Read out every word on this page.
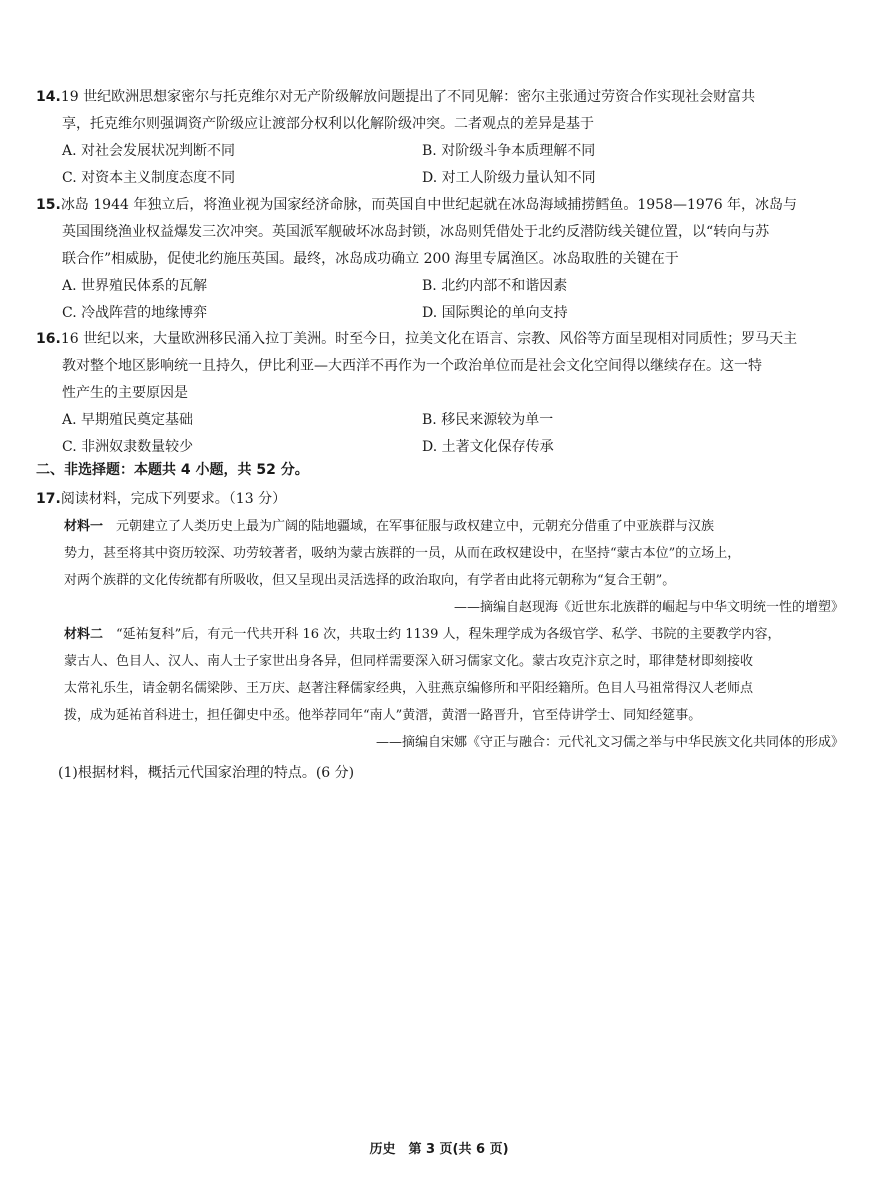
14.19 世纪欧洲思想家密尔与托克维尔对无产阶级解放问题提出了不同见解：密尔主张通过劳资合作实现社会财富共
享，托克维尔则强调资产阶级应让渡部分权利以化解阶级冲突。二者观点的差异是基于
A. 对社会发展状况判断不同	B. 对阶级斗争本质理解不同
C. 对资本主义制度态度不同	D. 对工人阶级力量认知不同
15.冰岛 1944 年独立后，将渔业视为国家经济命脉，而英国自中世纪起就在冰岛海域捕捞鳕鱼。1958—1976 年，冰岛与
英国围绕渔业权益爆发三次冲突。英国派军舰破坏冰岛封锁，冰岛则凭借处于北约反潜防线关键位置，以“转向与苏
联合作”相威胁，促使北约施压英国。最终，冰岛成功确立 200 海里专属渔区。冰岛取胜的关键在于
A. 世界殖民体系的瓦解	B. 北约内部不和谐因素
C. 冷战阵营的地缘博弈	D. 国际舆论的单向支持
16.16 世纪以来，大量欧洲移民涌入拉丁美洲。时至今日，拉美文化在语言、宗教、风俗等方面呈现相对同质性；罗马天主
教对整个地区影响统一且持久，伊比利亚—大西洋不再作为一个政治单位而是社会文化空间得以继续存在。这一特
性产生的主要原因是
A. 早期殖民奠定基础	B. 移民来源较为单一
C. 非洲奴隶数量较少	D. 土著文化保存传承
二、非选择题：本题共 4 小题，共 52 分。
17.阅读材料，完成下列要求。（13 分）
材料一　 元朝建立了人类历史上最为广阔的陆地疆域，在军事征服与政权建立中，元朝充分借重了中亚族群与汉族
势力，甚至将其中资历较深、功劳较著者，吸纳为蒙古族群的一员，从而在政权建设中，在坚持“蒙古本位”的立场上，
对两个族群的文化传统都有所吸收，但又呈现出灵活选择的政治取向，有学者由此将元朝称为“复合王朝”。
——摘编自赵现海《近世东北族群的崛起与中华文明统一性的增塑》
材料二　 “延祐复科”后，有元一代共开科 16 次，共取士约 1139 人，程朱理学成为各级官学、私学、书院的主要教学内容，
蒙古人、色目人、汉人、南人士子家世出身各异，但同样需要深入研习儒家文化。蒙古攻克汴京之时，耶律楚材即刻接收
太常礼乐生，请金朝名儒梁陟、王万庆、赵著注释儒家经典，入驻燕京编修所和平阳经籍所。色目人马祖常得汉人老师点
拨，成为延祐首科进士，担任御史中丞。他举荐同年“南人”黄溍，黄溍一路晋升，官至侍讲学士、同知经筵事。
——摘编自宋娜《守正与融合：元代礼文习儒之举与中华民族文化共同体的形成》
(1)根据材料，概括元代国家治理的特点。(6 分)
历史　第 3 页(共 6 页)
